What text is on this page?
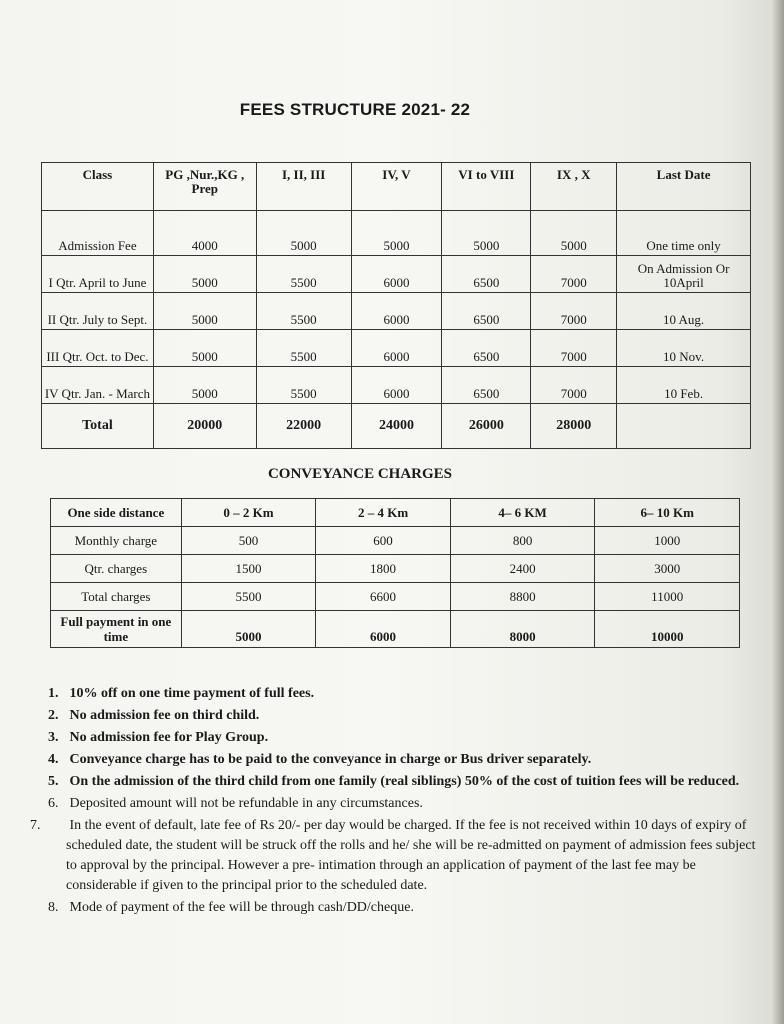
FEES STRUCTURE 2021- 22
Class	PG ,Nur.,KG , Prep	I, II, III	IV, V	VI to VIII	IX , X	Last Date
Admission Fee	4000	5000	5000	5000	5000	One time only
I Qtr. April to June	5000	5500	6000	6500	7000	On Admission Or 10April
II Qtr. July to Sept.	5000	5500	6000	6500	7000	10 Aug.
III Qtr. Oct. to Dec.	5000	5500	6000	6500	7000	10 Nov.
IV Qtr. Jan. - March	5000	5500	6000	6500	7000	10 Feb.
Total	20000	22000	24000	26000	28000	
CONVEYANCE CHARGES
One side distance	0 – 2 Km	2 – 4 Km	4– 6 KM	6– 10 Km
Monthly charge	500	600	800	1000
Qtr. charges	1500	1800	2400	3000
Total charges	5500	6600	8800	11000
Full payment in one time	5000	6000	8000	10000
1. 10% off on one time payment of full fees.
2. No admission fee on third child.
3. No admission fee for Play Group.
4. Conveyance charge has to be paid to the conveyance in charge or Bus driver separately.
5. On the admission of the third child from one family (real siblings) 50% of the cost of tuition fees will be reduced.
6. Deposited amount will not be refundable in any circumstances.
7. In the event of default, late fee of Rs 20/- per day would be charged. If the fee is not received within 10 days of expiry of scheduled date, the student will be struck off the rolls and he/ she will be re-admitted on payment of admission fees subject to approval by the principal. However a pre- intimation through an application of payment of the last fee may be considerable if given to the principal prior to the scheduled date.
8. Mode of payment of the fee will be through cash/DD/cheque.
